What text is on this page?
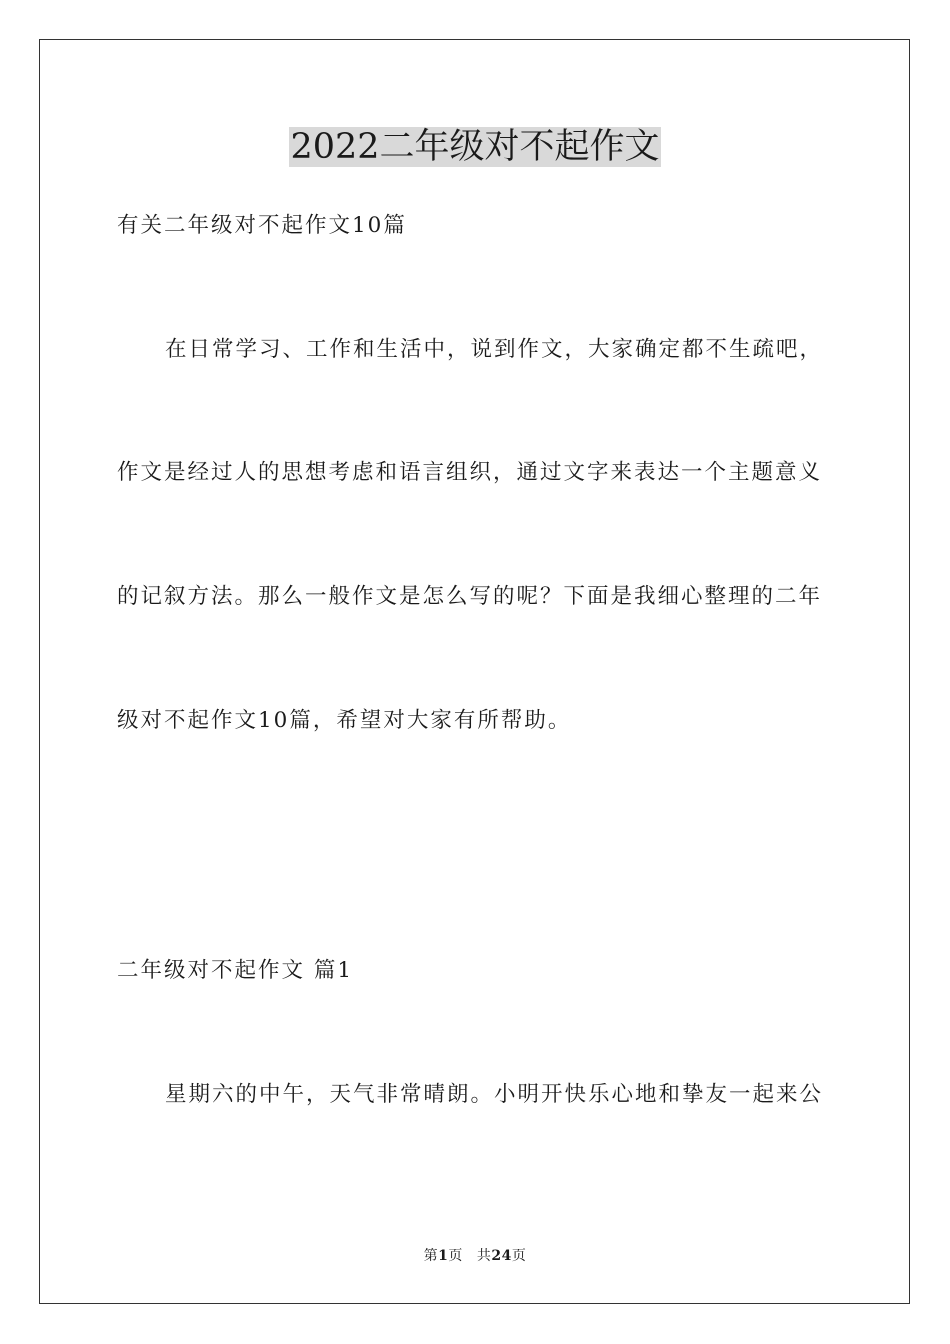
2022二年级对不起作文

有关二年级对不起作文10篇

在日常学习、工作和生活中，说到作文，大家确定都不生疏吧，

作文是经过人的思想考虑和语言组织，通过文字来表达一个主题意义

的记叙方法。那么一般作文是怎么写的呢？下面是我细心整理的二年

级对不起作文10篇，希望对大家有所帮助。

二年级对不起作文 篇1

星期六的中午，天气非常晴朗。小明开快乐心地和挚友一起来公

第1页 共24页
